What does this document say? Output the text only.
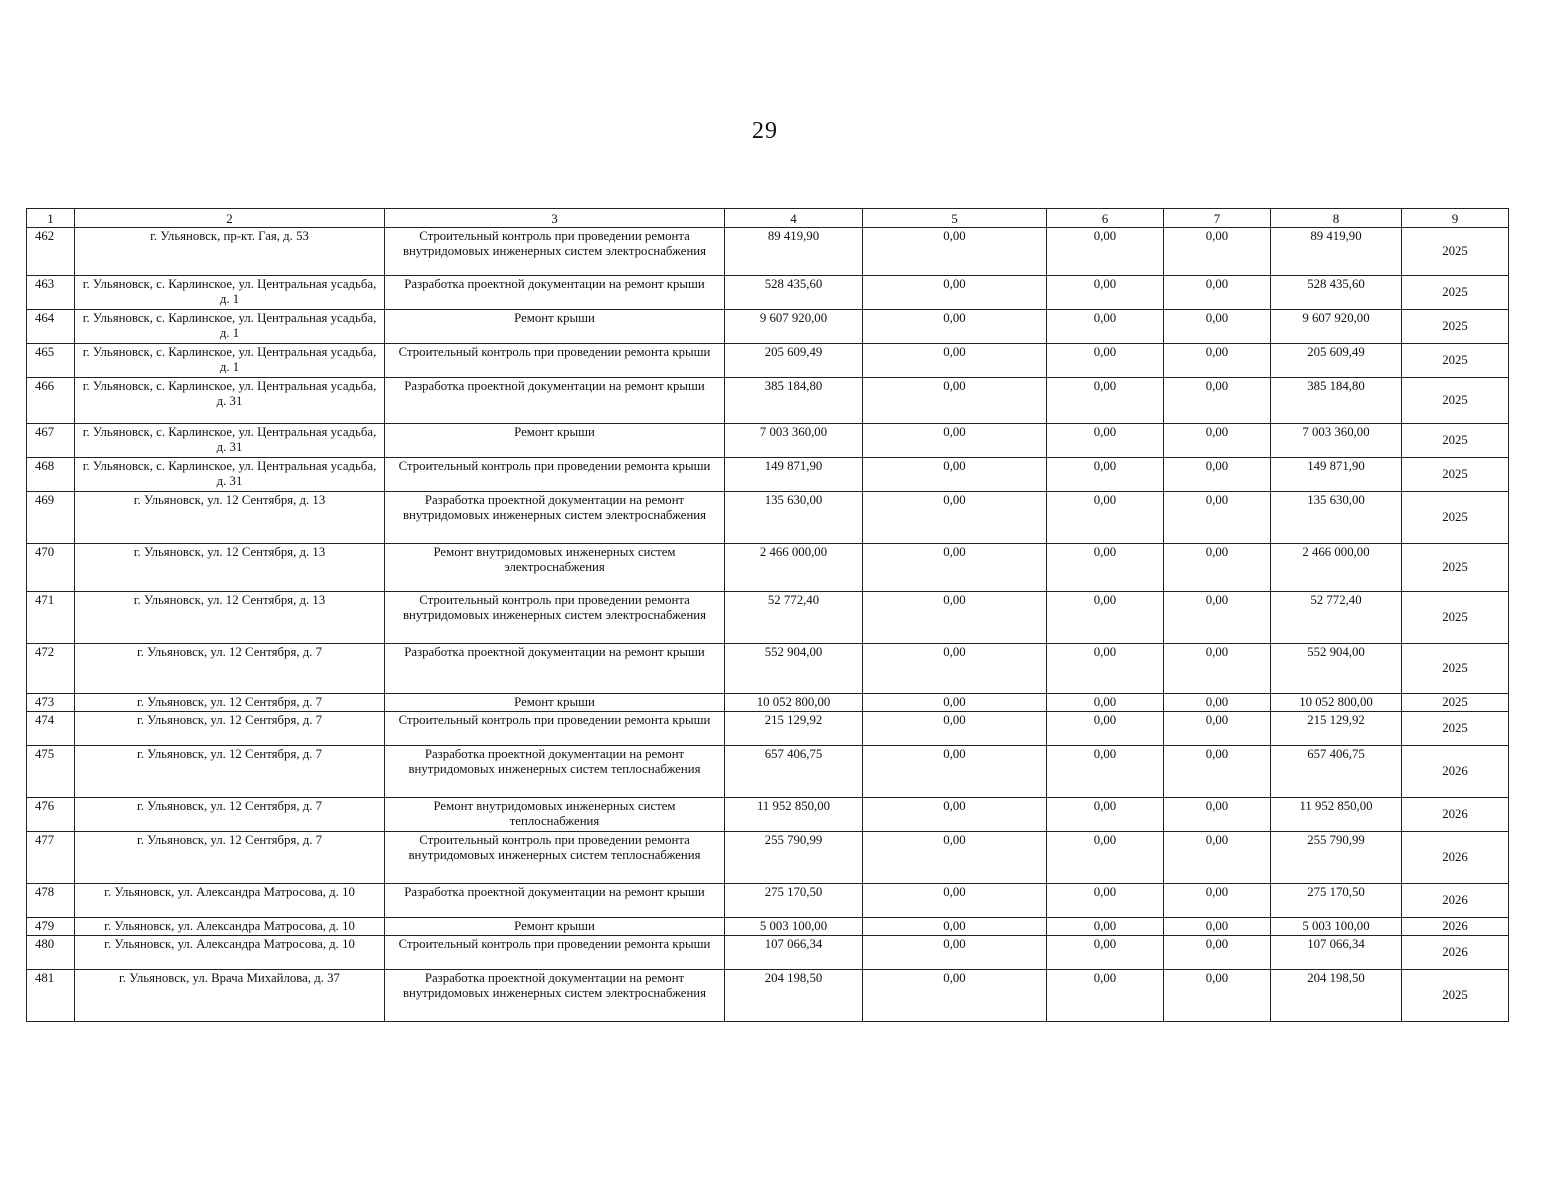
29
1	2	3	4	5	6	7	8	9
462	г. Ульяновск, пр-кт. Гая, д. 53	Строительный контроль при проведении ремонта внутридомовых инженерных систем электроснабжения	89 419,90	0,00	0,00	0,00	89 419,90	2025
463	г. Ульяновск, с. Карлинское, ул. Центральная усадьба, д. 1	Разработка проектной документации на ремонт крыши	528 435,60	0,00	0,00	0,00	528 435,60	2025
464	г. Ульяновск, с. Карлинское, ул. Центральная усадьба, д. 1	Ремонт крыши	9 607 920,00	0,00	0,00	0,00	9 607 920,00	2025
465	г. Ульяновск, с. Карлинское, ул. Центральная усадьба, д. 1	Строительный контроль при проведении ремонта крыши	205 609,49	0,00	0,00	0,00	205 609,49	2025
466	г. Ульяновск, с. Карлинское, ул. Центральная усадьба, д. 31	Разработка проектной документации на ремонт крыши	385 184,80	0,00	0,00	0,00	385 184,80	2025
467	г. Ульяновск, с. Карлинское, ул. Центральная усадьба, д. 31	Ремонт крыши	7 003 360,00	0,00	0,00	0,00	7 003 360,00	2025
468	г. Ульяновск, с. Карлинское, ул. Центральная усадьба, д. 31	Строительный контроль при проведении ремонта крыши	149 871,90	0,00	0,00	0,00	149 871,90	2025
469	г. Ульяновск, ул. 12 Сентября, д. 13	Разработка проектной документации на ремонт внутридомовых инженерных систем электроснабжения	135 630,00	0,00	0,00	0,00	135 630,00	2025
470	г. Ульяновск, ул. 12 Сентября, д. 13	Ремонт внутридомовых инженерных систем электроснабжения	2 466 000,00	0,00	0,00	0,00	2 466 000,00	2025
471	г. Ульяновск, ул. 12 Сентября, д. 13	Строительный контроль при проведении ремонта внутридомовых инженерных систем электроснабжения	52 772,40	0,00	0,00	0,00	52 772,40	2025
472	г. Ульяновск, ул. 12 Сентября, д. 7	Разработка проектной документации на ремонт крыши	552 904,00	0,00	0,00	0,00	552 904,00	2025
473	г. Ульяновск, ул. 12 Сентября, д. 7	Ремонт крыши	10 052 800,00	0,00	0,00	0,00	10 052 800,00	2025
474	г. Ульяновск, ул. 12 Сентября, д. 7	Строительный контроль при проведении ремонта крыши	215 129,92	0,00	0,00	0,00	215 129,92	2025
475	г. Ульяновск, ул. 12 Сентября, д. 7	Разработка проектной документации на ремонт внутридомовых инженерных систем теплоснабжения	657 406,75	0,00	0,00	0,00	657 406,75	2026
476	г. Ульяновск, ул. 12 Сентября, д. 7	Ремонт внутридомовых инженерных систем теплоснабжения	11 952 850,00	0,00	0,00	0,00	11 952 850,00	2026
477	г. Ульяновск, ул. 12 Сентября, д. 7	Строительный контроль при проведении ремонта внутридомовых инженерных систем теплоснабжения	255 790,99	0,00	0,00	0,00	255 790,99	2026
478	г. Ульяновск, ул. Александра Матросова, д. 10	Разработка проектной документации на ремонт крыши	275 170,50	0,00	0,00	0,00	275 170,50	2026
479	г. Ульяновск, ул. Александра Матросова, д. 10	Ремонт крыши	5 003 100,00	0,00	0,00	0,00	5 003 100,00	2026
480	г. Ульяновск, ул. Александра Матросова, д. 10	Строительный контроль при проведении ремонта крыши	107 066,34	0,00	0,00	0,00	107 066,34	2026
481	г. Ульяновск, ул. Врача Михайлова, д. 37	Разработка проектной документации на ремонт внутридомовых инженерных систем электроснабжения	204 198,50	0,00	0,00	0,00	204 198,50	2025
